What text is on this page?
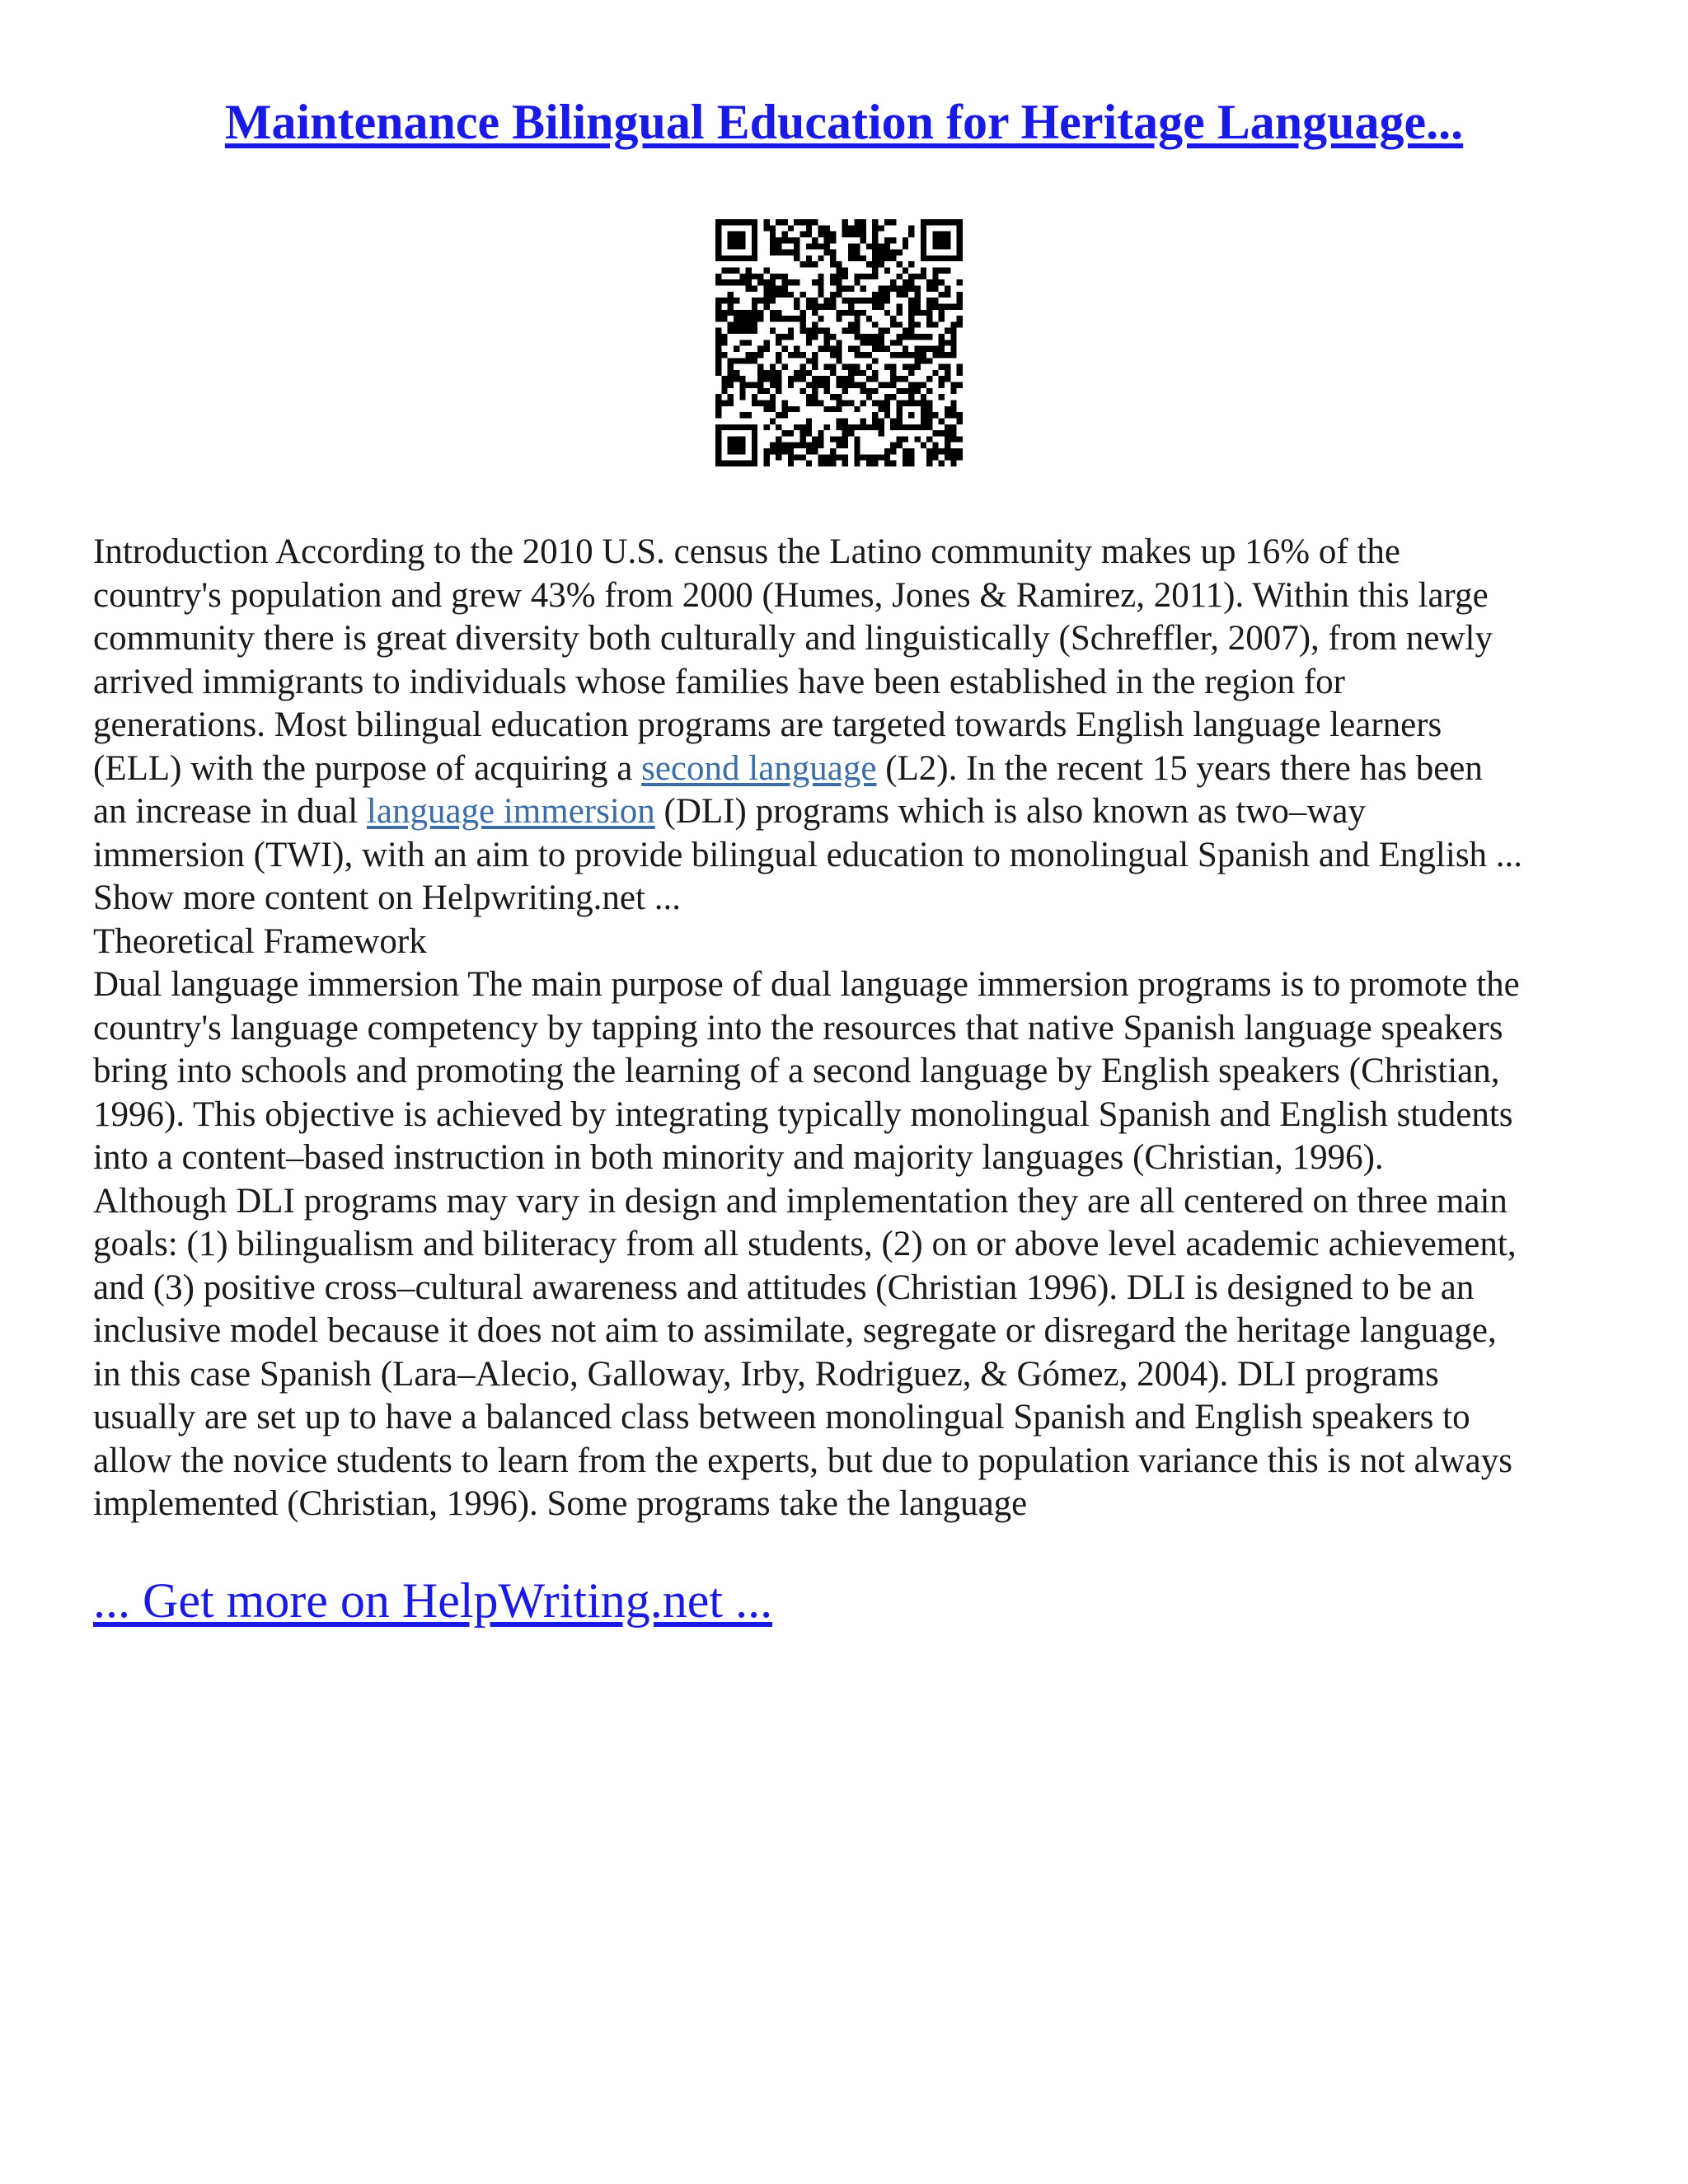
Maintenance Bilingual Education for Heritage Language...
Introduction According to the 2010 U.S. census the Latino community makes up 16% of the
country's population and grew 43% from 2000 (Humes, Jones & Ramirez, 2011). Within this large
community there is great diversity both culturally and linguistically (Schreffler, 2007), from newly
arrived immigrants to individuals whose families have been established in the region for
generations. Most bilingual education programs are targeted towards English language learners
(ELL) with the purpose of acquiring a second language (L2). In the recent 15 years there has been
an increase in dual language immersion (DLI) programs which is also known as two–way
immersion (TWI), with an aim to provide bilingual education to monolingual Spanish and English ...
Show more content on Helpwriting.net ...
Theoretical Framework
Dual language immersion The main purpose of dual language immersion programs is to promote the
country's language competency by tapping into the resources that native Spanish language speakers
bring into schools and promoting the learning of a second language by English speakers (Christian,
1996). This objective is achieved by integrating typically monolingual Spanish and English students
into a content–based instruction in both minority and majority languages (Christian, 1996).
Although DLI programs may vary in design and implementation they are all centered on three main
goals: (1) bilingualism and biliteracy from all students, (2) on or above level academic achievement,
and (3) positive cross–cultural awareness and attitudes (Christian 1996). DLI is designed to be an
inclusive model because it does not aim to assimilate, segregate or disregard the heritage language,
in this case Spanish (Lara–Alecio, Galloway, Irby, Rodriguez, & Gómez, 2004). DLI programs
usually are set up to have a balanced class between monolingual Spanish and English speakers to
allow the novice students to learn from the experts, but due to population variance this is not always
implemented (Christian, 1996). Some programs take the language
... Get more on HelpWriting.net ...
